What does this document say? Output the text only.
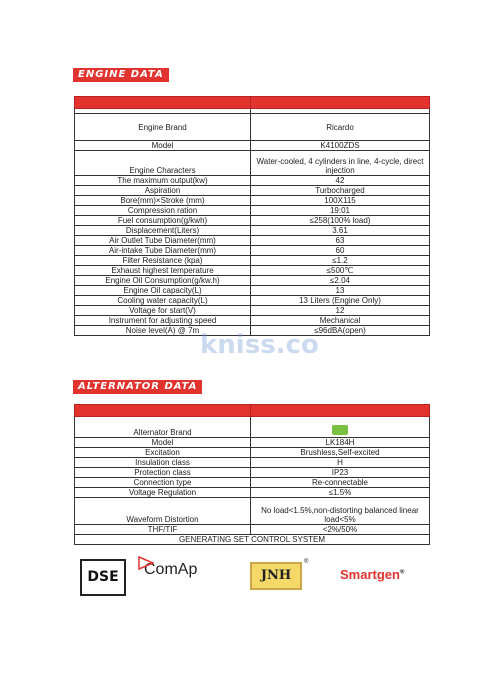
ENGINE DATA

Engine Brand	Ricardo
Model	K4100ZDS
Engine Characters	Water-cooled, 4 cylinders in line, 4-cycle, direct injection
The maximum output(kw)	42
Aspiration	Turbocharged
Bore(mm)×Stroke (mm)	100X115
Compression ration	19:01
Fuel consumption(g/kwh)	≤258(100% load)
Displacement(Liters)	3.61
Air Outlet Tube Diameter(mm)	63
Air-intake Tube Diameter(mm)	60
Filter Resistance (kpa)	≤1.2
Exhaust highest temperature	≤500℃
Engine Oil Consumption(g/kw.h)	≤2.04
Engine Oil capacity(L)	13
Cooling water capacity(L)	13 Liters (Engine Only)
Voltage for start(V)	12
Instrument for adjusting speed	Mechanical
Noise level(A) @ 7m	≤96dBA(open)
kniss.co
ALTERNATOR DATA

Alternator Brand	
Model	LK184H
Excitation	Brushless,Self-excited
Insulation class	H
Protection class	IP23
Connection type	Re-connectable
Voltage Regulation	≤1.5%
Waveform Distortion	No load<1.5%,non-distorting balanced linear load<5%
THF/TIF	<2%/50%
GENERATING SET CONTROL SYSTEM	
DSE	ComAp	JNH
®
Smartgen®
